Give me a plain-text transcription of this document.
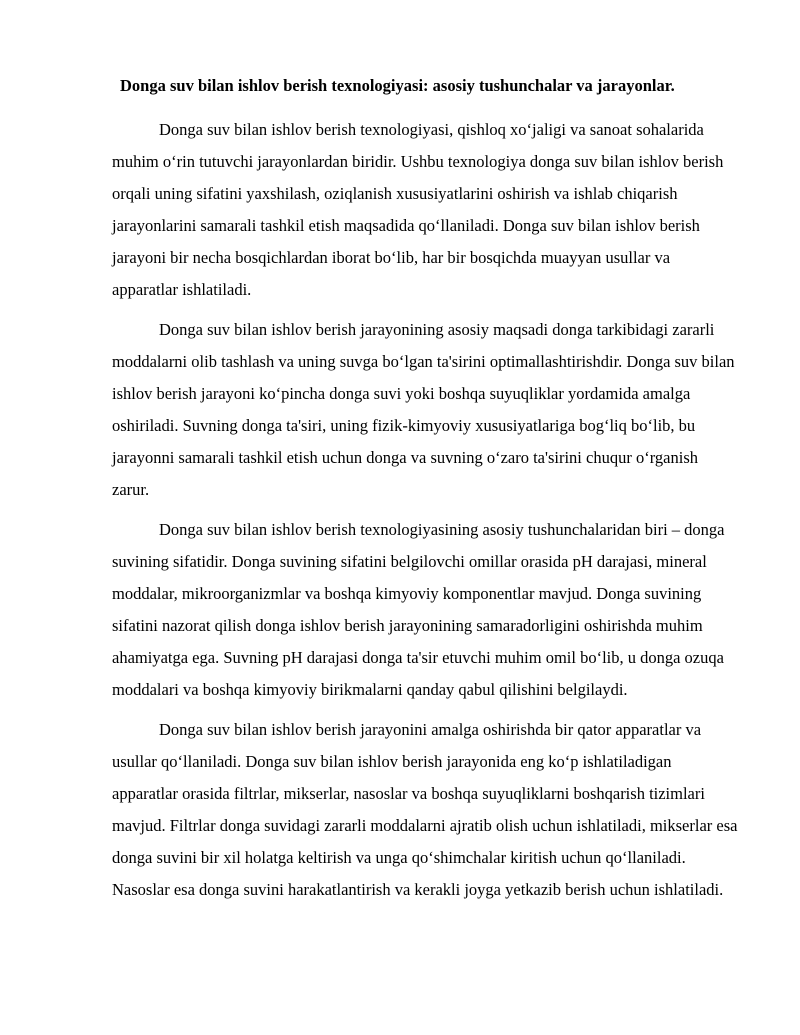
Donga suv bilan ishlov berish texnologiyasi: asosiy tushunchalar va jarayonlar.

Donga suv bilan ishlov berish texnologiyasi, qishloq xo‘jaligi va sanoat sohalarida muhim o‘rin tutuvchi jarayonlardan biridir. Ushbu texnologiya donga suv bilan ishlov berish orqali uning sifatini yaxshilash, oziqlanish xususiyatlarini oshirish va ishlab chiqarish jarayonlarini samarali tashkil etish maqsadida qo‘llaniladi. Donga suv bilan ishlov berish jarayoni bir necha bosqichlardan iborat bo‘lib, har bir bosqichda muayyan usullar va apparatlar ishlatiladi.

Donga suv bilan ishlov berish jarayonining asosiy maqsadi donga tarkibidagi zararli moddalarni olib tashlash va uning suvga bo‘lgan ta'sirini optimallashtirishdir. Donga suv bilan ishlov berish jarayoni ko‘pincha donga suvi yoki boshqa suyuqliklar yordamida amalga oshiriladi. Suvning donga ta'siri, uning fizik-kimyoviy xususiyatlariga bog‘liq bo‘lib, bu jarayonni samarali tashkil etish uchun donga va suvning o‘zaro ta'sirini chuqur o‘rganish zarur.

Donga suv bilan ishlov berish texnologiyasining asosiy tushunchalaridan biri – donga suvining sifatidir. Donga suvining sifatini belgilovchi omillar orasida pH darajasi, mineral moddalar, mikroorganizmlar va boshqa kimyoviy komponentlar mavjud. Donga suvining sifatini nazorat qilish donga ishlov berish jarayonining samaradorligini oshirishda muhim ahamiyatga ega. Suvning pH darajasi donga ta'sir etuvchi muhim omil bo‘lib, u donga ozuqa moddalari va boshqa kimyoviy birikmalarni qanday qabul qilishini belgilaydi.

Donga suv bilan ishlov berish jarayonini amalga oshirishda bir qator apparatlar va usullar qo‘llaniladi. Donga suv bilan ishlov berish jarayonida eng ko‘p ishlatiladigan apparatlar orasida filtrlar, mikserlar, nasoslar va boshqa suyuqliklarni boshqarish tizimlari mavjud. Filtrlar donga suvidagi zararli moddalarni ajratib olish uchun ishlatiladi, mikserlar esa donga suvini bir xil holatga keltirish va unga qo‘shimchalar kiritish uchun qo‘llaniladi. Nasoslar esa donga suvini harakatlantirish va kerakli joyga yetkazib berish uchun ishlatiladi.
